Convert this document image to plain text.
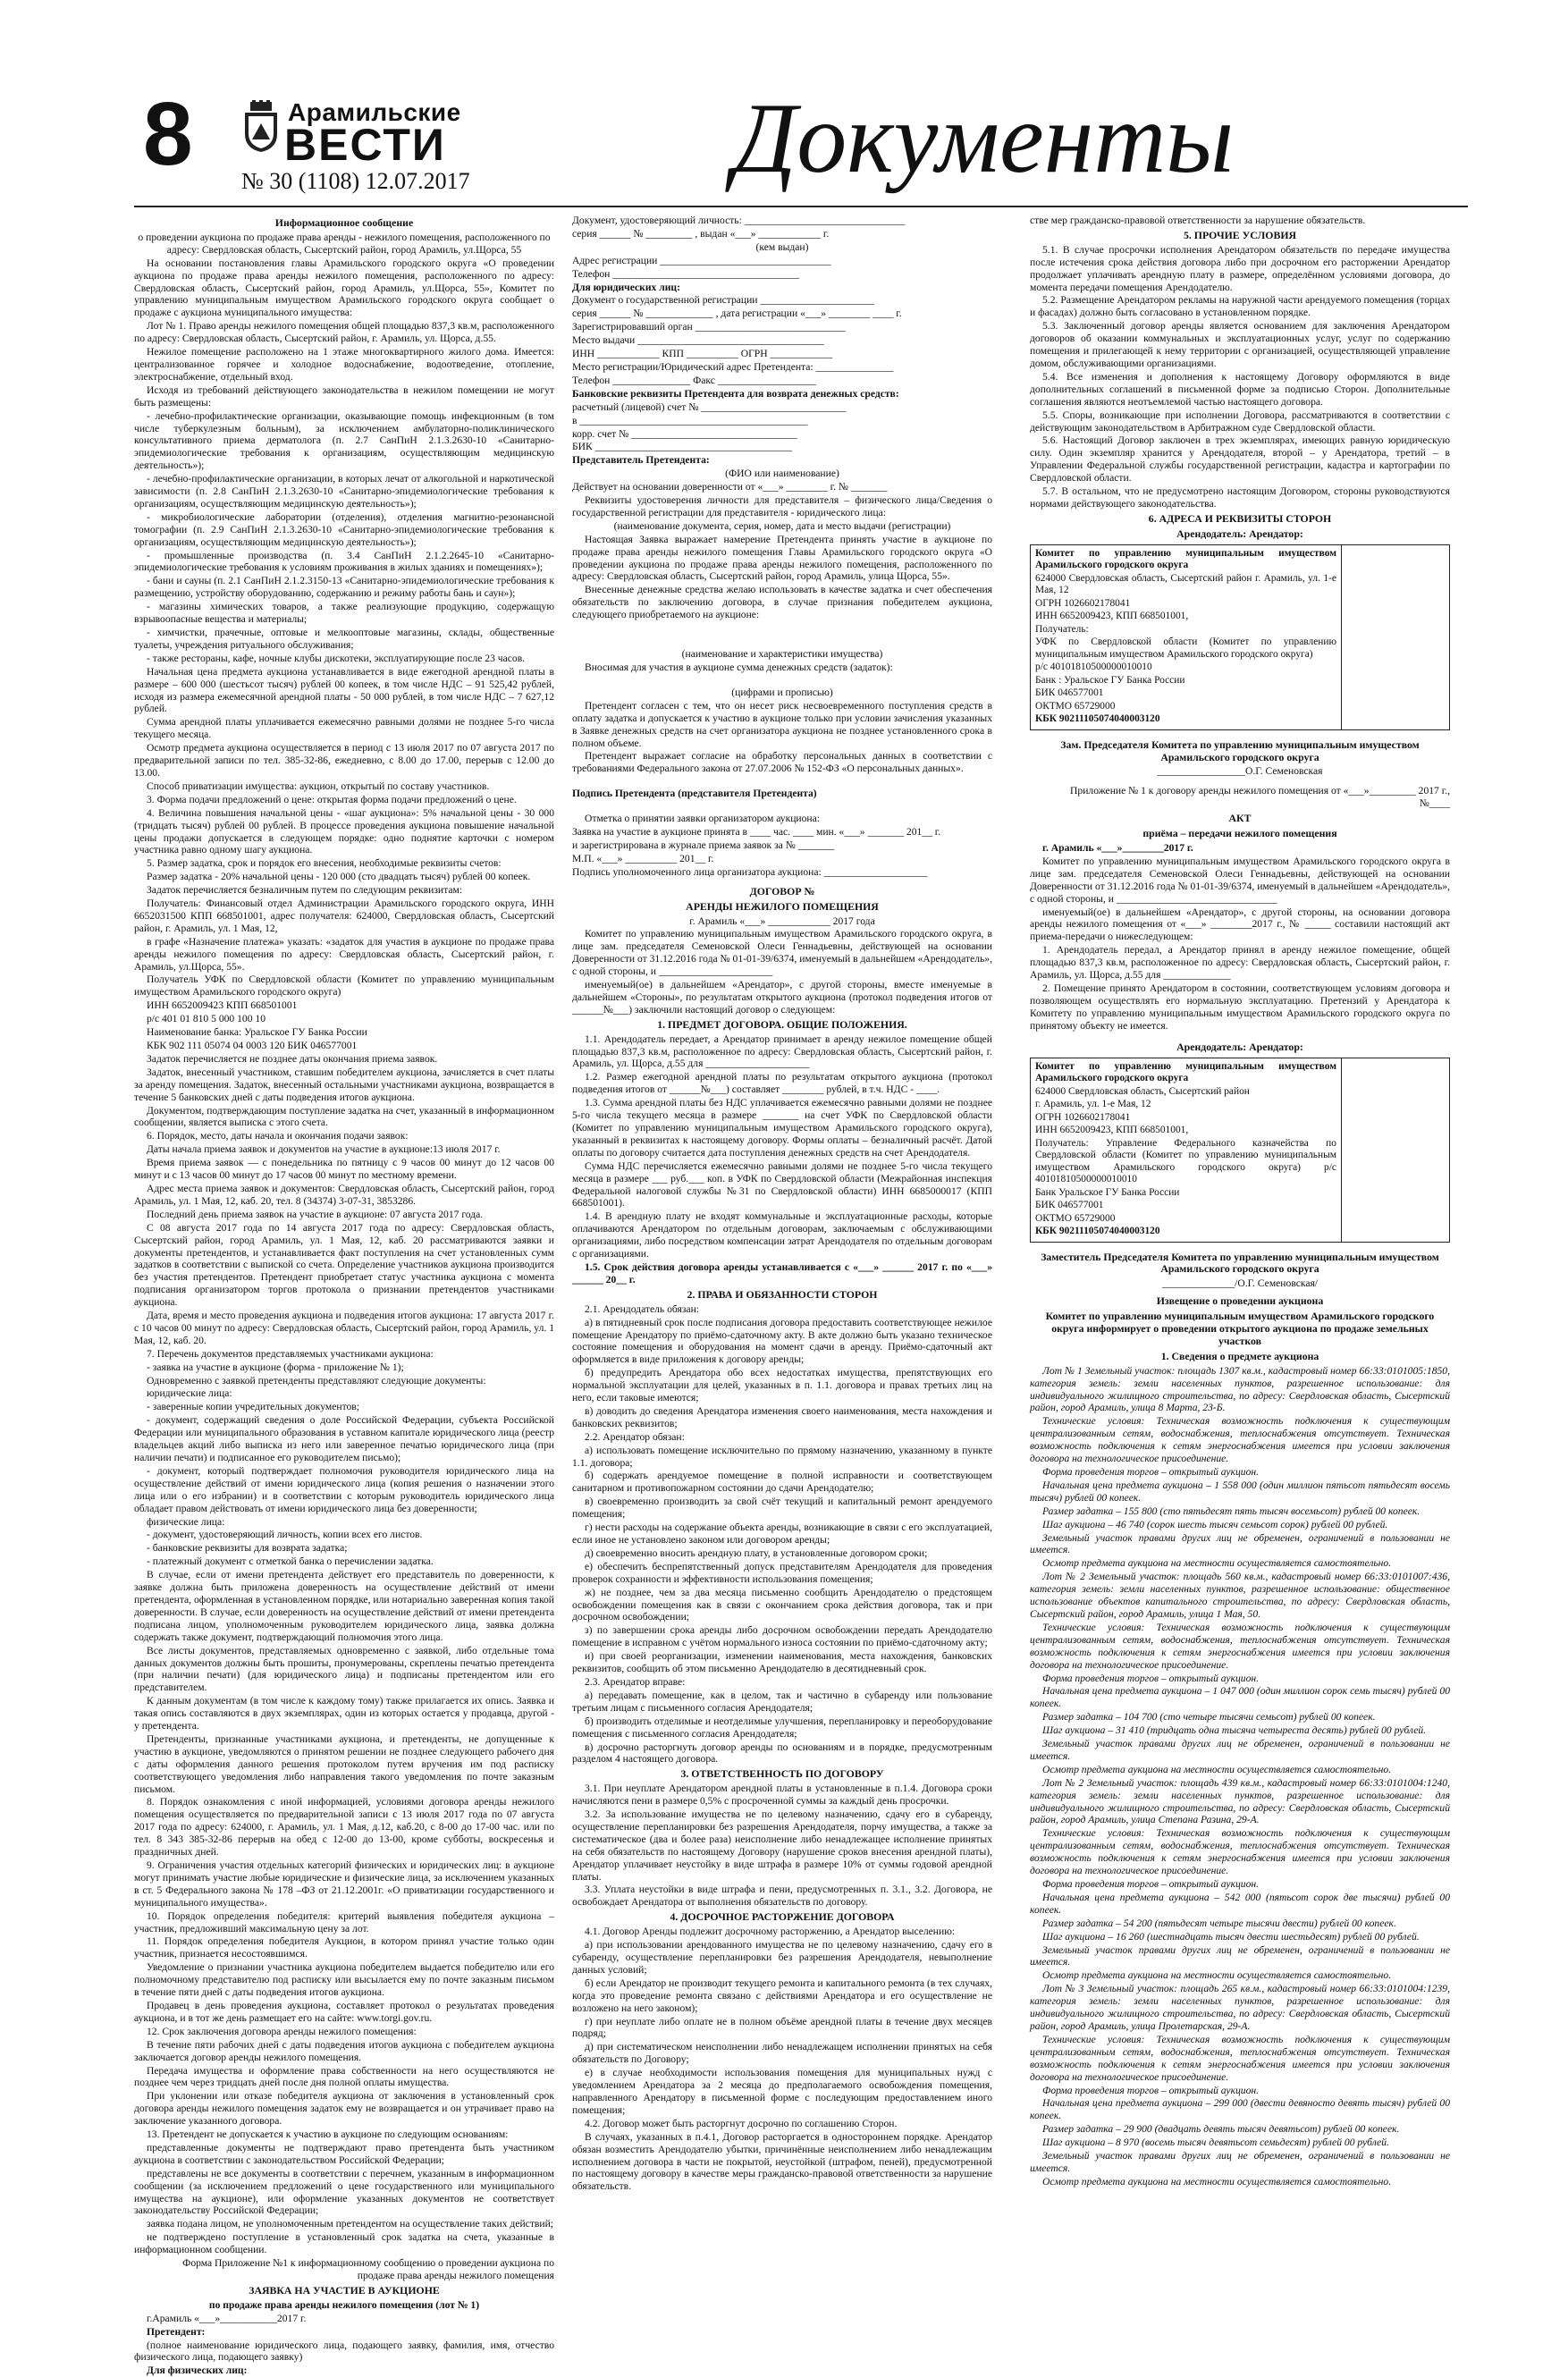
8	Арамильские
ВЕСТИ
№ 30 (1108) 12.07.2017	Документы
Информационное сообщение

о проведении аукциона по продаже права аренды - нежилого помещения, расположенного по адресу: Свердловская область, Сысертский район, город Арамиль, ул.Щорса, 55

На основании постановления главы Арамильского городского округа «О проведении аукциона по продаже права аренды нежилого помещения, расположенного по адресу: Свердловская область, Сысертский район, город Арамиль, ул.Щорса, 55», Комитет по управлению муниципальным имуществом Арамильского городского округа сообщает о продаже с аукциона муниципального имущества:

Лот № 1. Право аренды нежилого помещения общей площадью 837,3 кв.м, расположенного по адресу: Свердловская область, Сысертский район, г. Арамиль, ул. Щорса, д.55.

Нежилое помещение расположено на 1 этаже многоквартирного жилого дома. Имеется: централизованное горячее и холодное водоснабжение, водоотведение, отопление, электроснабжение, отдельный вход.

Исходя из требований действующего законодательства в нежилом помещении не могут быть размещены:

- лечебно-профилактические организации, оказывающие помощь инфекционным (в том числе туберкулезным больным), за исключением амбулаторно-поликлинического консультативного приема дерматолога (п. 2.7 СанПиН 2.1.3.2630-10 «Санитарно-эпидемиологические требования к организациям, осуществляющим медицинскую деятельность»);

- лечебно-профилактические организации, в которых лечат от алкогольной и наркотической зависимости (п. 2.8 СанПиН 2.1.3.2630-10 «Санитарно-эпидемиологические требования к организациям, осуществляющим медицинскую деятельность»);

- микробиологические лаборатории (отделения), отделения магнитно-резонансной томографии (п. 2.9 СанПиН 2.1.3.2630-10 «Санитарно-эпидемиологические требования к организациям, осуществляющим медицинскую деятельность»);

- промышленные производства (п. 3.4 СанПиН 2.1.2.2645-10 «Санитарно-эпидемиологические требования к условиям проживания в жилых зданиях и помещениях»);

- бани и сауны (п. 2.1 СанПиН 2.1.2.3150-13 «Санитарно-эпидемиологические требования к размещению, устройству оборудованию, содержанию и режиму работы бань и саун»);

- магазины химических товаров, а также реализующие продукцию, содержащую взрывоопасные вещества и материалы;

- химчистки, прачечные, оптовые и мелкооптовые магазины, склады, общественные туалеты, учреждения ритуального обслуживания;

- также рестораны, кафе, ночные клубы дискотеки, эксплуатирующие после 23 часов.

Начальная цена предмета аукциона устанавливается в виде ежегодной арендной платы в размере – 600 000 (шестьсот тысяч) рублей 00 копеек, в том числе НДС – 91 525,42 рублей, исходя из размера ежемесячной арендной платы - 50 000 рублей, в том числе НДС – 7 627,12 рублей.

Сумма арендной платы уплачивается ежемесячно равными долями не позднее 5-го числа текущего месяца.

Осмотр предмета аукциона осуществляется в период с 13 июля 2017 по 07 августа 2017 по предварительной записи по тел. 385-32-86, ежедневно, с 8.00 до 17.00, перерыв с 12.00 до 13.00.

Способ приватизации имущества: аукцион, открытый по составу участников.

3. Форма подачи предложений о цене: открытая форма подачи предложений о цене.

4. Величина повышения начальной цены - «шаг аукциона»: 5% начальной цены - 30 000 (тридцать тысяч) рублей 00 рублей. В процессе проведения аукциона повышение начальной цены продажи допускается в следующем порядке: одно поднятие карточки с номером участника равно одному шагу аукциона.

5. Размер задатка, срок и порядок его внесения, необходимые реквизиты счетов:

Размер задатка - 20% начальной цены - 120 000 (сто двадцать тысяч) рублей 00 копеек.

Задаток перечисляется безналичным путем по следующим реквизитам:

Получатель: Финансовый отдел Администрации Арамильского городского округа, ИНН 6652031500 КПП 668501001, адрес получателя: 624000, Свердловская область, Сысертский район, г. Арамиль, ул. 1 Мая, 12,

в графе «Назначение платежа» указать: «задаток для участия в аукционе по продаже права аренды нежилого помещения по адресу: Свердловская область, Сысертский район, г. Арамиль, ул.Щорса, 55».

Получатель УФК по Свердловской области (Комитет по управлению муниципальным имуществом Арамильского городского округа)

ИНН 6652009423 КПП 668501001

р/с 401 01 810 5 000 100 10

Наименование банка: Уральское ГУ Банка России

КБК 902 111 05074 04 0003 120 БИК 046577001

Задаток перечисляется не позднее даты окончания приема заявок.

Задаток, внесенный участником, ставшим победителем аукциона, зачисляется в счет платы за аренду помещения. Задаток, внесенный остальными участниками аукциона, возвращается в течение 5 банковских дней с даты подведения итогов аукциона.

Документом, подтверждающим поступление задатка на счет, указанный в информационном сообщении, является выписка с этого счета.

6. Порядок, место, даты начала и окончания подачи заявок:

Даты начала приема заявок и документов на участие в аукционе:13 июля 2017 г.

Время приема заявок — с понедельника по пятницу с 9 часов 00 минут до 12 часов 00 минут и с 13 часов 00 минут до 17 часов 00 минут по местному времени.

Адрес места приема заявок и документов: Свердловская область, Сысертский район, город Арамиль, ул. 1 Мая, 12, каб. 20, тел. 8 (34374) 3-07-31, 3853286.

Последний день приема заявок на участие в аукционе: 07 августа 2017 года.

С 08 августа 2017 года по 14 августа 2017 года по адресу: Свердловская область, Сысертский район, город Арамиль, ул. 1 Мая, 12, каб. 20 рассматриваются заявки и документы претендентов, и устанавливается факт поступления на счет установленных сумм задатков в соответствии с выпиской со счета. Определение участников аукциона производится без участия претендентов. Претендент приобретает статус участника аукциона с момента подписания организатором торгов протокола о признании претендентов участниками аукциона.

Дата, время и место проведения аукциона и подведения итогов аукциона: 17 августа 2017 г. с 10 часов 00 минут по адресу: Свердловская область, Сысертский район, город Арамиль, ул. 1 Мая, 12, каб. 20.

7. Перечень документов представляемых участниками аукциона:

- заявка на участие в аукционе (форма - приложение № 1);

Одновременно с заявкой претенденты представляют следующие документы:

юридические лица:

- заверенные копии учредительных документов;

- документ, содержащий сведения о доле Российской Федерации, субъекта Российской Федерации или муниципального образования в уставном капитале юридического лица (реестр владельцев акций либо выписка из него или заверенное печатью юридического лица (при наличии печати) и подписанное его руководителем письмо);

- документ, который подтверждает полномочия руководителя юридического лица на осуществление действий от имени юридического лица (копия решения о назначении этого лица или о его избрании) и в соответствии с которым руководитель юридического лица обладает правом действовать от имени юридического лица без доверенности;

физические лица:

- документ, удостоверяющий личность, копии всех его листов.

- банковские реквизиты для возврата задатка;

- платежный документ с отметкой банка о перечислении задатка.

В случае, если от имени претендента действует его представитель по доверенности, к заявке должна быть приложена доверенность на осуществление действий от имени претендента, оформленная в установленном порядке, или нотариально заверенная копия такой доверенности. В случае, если доверенность на осуществление действий от имени претендента подписана лицом, уполномоченным руководителем юридического лица, заявка должна содержать также документ, подтверждающий полномочия этого лица.

Все листы документов, представляемых одновременно с заявкой, либо отдельные тома данных документов должны быть прошиты, пронумерованы, скреплены печатью претендента (при наличии печати) (для юридического лица) и подписаны претендентом или его представителем.

К данным документам (в том числе к каждому тому) также прилагается их опись. Заявка и такая опись составляются в двух экземплярах, один из которых остается у продавца, другой - у претендента.

Претенденты, признанные участниками аукциона, и претенденты, не допущенные к участию в аукционе, уведомляются о принятом решении не позднее следующего рабочего дня с даты оформления данного решения протоколом путем вручения им под расписку соответствующего уведомления либо направления такого уведомления по почте заказным письмом.

8. Порядок ознакомления с иной информацией, условиями договора аренды нежилого помещения осуществляется по предварительной записи с 13 июля 2017 года по 07 августа 2017 года по адресу: 624000, г. Арамиль, ул. 1 Мая, д.12, каб.20, с 8-00 до 17-00 час. или по тел. 8 343 385-32-86 перерыв на обед с 12-00 до 13-00, кроме субботы, воскресенья и праздничных дней.

9. Ограничения участия отдельных категорий физических и юридических лиц: в аукционе могут принимать участие любые юридические и физические лица, за исключением указанных в ст. 5 Федерального закона № 178 –ФЗ от 21.12.2001г. «О приватизации государственного и муниципального имущества».

10. Порядок определения победителя: критерий выявления победителя аукциона – участник, предложивший максимальную цену за лот.

11. Порядок определения победителя Аукцион, в котором принял участие только один участник, признается несостоявшимся.

Уведомление о признании участника аукциона победителем выдается победителю или его полномочному представителю под расписку или высылается ему по почте заказным письмом в течение пяти дней с даты подведения итогов аукциона.

Продавец в день проведения аукциона, составляет протокол о результатах проведения аукциона, и в тот же день размещает его на сайте: www.torgi.gov.ru.

12. Срок заключения договора аренды нежилого помещения:

В течение пяти рабочих дней с даты подведения итогов аукциона с победителем аукциона заключается договор аренды нежилого помещения.

Передача имущества и оформление права собственности на него осуществляются не позднее чем через тридцать дней после дня полной оплаты имущества.

При уклонении или отказе победителя аукциона от заключения в установленный срок договора аренды нежилого помещения задаток ему не возвращается и он утрачивает право на заключение указанного договора.

13. Претендент не допускается к участию в аукционе по следующим основаниям:

представленные документы не подтверждают право претендента быть участником аукциона в соответствии с законодательством Российской Федерации;

представлены не все документы в соответствии с перечнем, указанным в информационном сообщении (за исключением предложений о цене государственного или муниципального имущества на аукционе), или оформление указанных документов не соответствует законодательству Российской Федерации;

заявка подана лицом, не уполномоченным претендентом на осуществление таких действий;

не подтверждено поступление в установленный срок задатка на счета, указанные в информационном сообщении.

Форма Приложение №1 к информационному сообщению о проведении аукциона по продаже права аренды нежилого помещения

ЗАЯВКА НА УЧАСТИЕ В АУКЦИОНЕ

по продаже права аренды нежилого помещения (лот № 1)

г.Арамиль «___»___________2017 г.

Претендент:

(полное наименование юридического лица, подающего заявку, фамилия, имя, отчество физического лица, подающего заявку)

Для физических лиц:

Документ, удостоверяющий личность: _______________________________

серия ______ № _________ , выдан «___» ____________ г.

(кем выдан)

Адрес регистрации _________________________________

Телефон ____________________________________

Для юридических лиц:

Документ о государственной регистрации ______________________

серия ______ № _____________ , дата регистрации «___» ________ ____ г.

Зарегистрировавший орган _____________________________

Место выдачи ____________________________________

ИНН ____________ КПП __________ ОГРН ____________

Место регистрации/Юридический адрес Претендента: _______________

Телефон _______________ Факс ___________________

Банковские реквизиты Претендента для возврата денежных средств:

расчетный (лицевой) счет № ____________________________

в ____________________________________________

корр. счет № ________________________________

БИК ______________________________________

Представитель Претендента:

(ФИО или наименование)

Действует на основании доверенности от «___» ________ г. № _______

Реквизиты удостоверения личности для представителя – физического лица/Сведения о государственной регистрации для представителя - юридического лица:

(наименование документа, серия, номер, дата и место выдачи (регистрации)

Настоящая Заявка выражает намерение Претендента принять участие в аукционе по продаже права аренды нежилого помещения Главы Арамильского городского округа «О проведении аукциона по продаже права аренды нежилого помещения, расположенного по адресу: Свердловская область, Сысертский район, город Арамиль, улица Щорса, 55».

Внесенные денежные средства желаю использовать в качестве задатка и счет обеспечения обязательств по заключению договора, в случае признания победителем аукциона, следующего приобретаемого на аукционе:

(наименование и характеристики имущества)

Вносимая для участия в аукционе сумма денежных средств (задаток):

(цифрами и прописью)

Претендент согласен с тем, что он несет риск несвоевременного поступления средств в оплату задатка и допускается к участию в аукционе только при условии зачисления указанных в Заявке денежных средств на счет организатора аукциона не позднее установленного срока в полном объеме.

Претендент выражает согласие на обработку персональных данных в соответствии с требованиями Федерального закона от 27.07.2006 № 152-ФЗ «О персональных данных».

Подпись Претендента (представителя Претендента)

Отметка о принятии заявки организатором аукциона:

Заявка на участие в аукционе принята в ____ час. ____ мин. «___» _______ 201__ г.

и зарегистрирована в журнале приема заявок за № _______

М.П. «___» __________ 201__ г.

Подпись уполномоченного лица организатора аукциона: ____________________

ДОГОВОР №
АРЕНДЫ НЕЖИЛОГО ПОМЕЩЕНИЯ

г. Арамиль «___» ____________ 2017 года

Комитет по управлению муниципальным имуществом Арамильского городского округа, в лице зам. председателя Семеновской Олеси Геннадьевны, действующей на основании Доверенности от 31.12.2016 года № 01-01-39/6374, именуемый в дальнейшем «Арендодатель», с одной стороны, и ______________________

именуемый(ое) в дальнейшем «Арендатор», с другой стороны, вместе именуемые в дальнейшем «Стороны», по результатам открытого аукциона (протокол подведения итогов от ______№___) заключили настоящий договор о следующем:

1. ПРЕДМЕТ ДОГОВОРА. ОБЩИЕ ПОЛОЖЕНИЯ.

1.1. Арендодатель передает, а Арендатор принимает в аренду нежилое помещение общей площадью 837,3 кв.м, расположенное по адресу: Свердловская область, Сысертский район, г. Арамиль, ул. Щорса, д.55 для ____________________

1.2. Размер ежегодной арендной платы по результатам открытого аукциона (протокол подведения итогов от ______№___) составляет ________ рублей, в т.ч. НДС - ____.

1.3. Сумма арендной платы без НДС уплачивается ежемесячно равными долями не позднее 5-го числа текущего месяца в размере _______ на счет УФК по Свердловской области (Комитет по управлению муниципальным имуществом Арамильского городского округа), указанный в реквизитах к настоящему договору. Формы оплаты – безналичный расчёт. Датой оплаты по договору считается дата поступления денежных средств на счет Арендодателя.

Сумма НДС перечисляется ежемесячно равными долями не позднее 5-го числа текущего месяца в размере ___ руб.___ коп. в УФК по Свердловской области (Межрайонная инспекция Федеральной налоговой службы №31 по Свердловской области) ИНН 6685000017 (КПП 668501001).

1.4. В арендную плату не входят коммунальные и эксплуатационные расходы, которые оплачиваются Арендатором по отдельным договорам, заключаемым с обслуживающими организациями, либо посредством компенсации затрат Арендодателя по отдельным договорам с организациями.

1.5. Срок действия договора аренды устанавливается с «___» ______ 2017 г. по «___» ______ 20__ г.

2. ПРАВА И ОБЯЗАННОСТИ СТОРОН

2.1. Арендодатель обязан:

а) в пятидневный срок после подписания договора предоставить соответствующее нежилое помещение Арендатору по приёмо-сдаточному акту. В акте должно быть указано техническое состояние помещения и оборудования на момент сдачи в аренду. Приёмо-сдаточный акт оформляется в виде приложения к договору аренды;

б) предупредить Арендатора обо всех недостатках имущества, препятствующих его нормальной эксплуатации для целей, указанных в п. 1.1. договора и правах третьих лиц на него, если таковые имеются;

в) доводить до сведения Арендатора изменения своего наименования, места нахождения и банковских реквизитов;

2.2. Арендатор обязан:

а) использовать помещение исключительно по прямому назначению, указанному в пункте 1.1. договора;

б) содержать арендуемое помещение в полной исправности и соответствующем санитарном и противопожарном состоянии до сдачи Арендодателю;

в) своевременно производить за свой счёт текущий и капитальный ремонт арендуемого помещения;

г) нести расходы на содержание объекта аренды, возникающие в связи с его эксплуатацией, если иное не установлено законом или договором аренды;

д) своевременно вносить арендную плату, в установленные договором сроки;

е) обеспечить беспрепятственный допуск представителям Арендодателя для проведения проверок сохранности и эффективности использования помещения;

ж) не позднее, чем за два месяца письменно сообщить Арендодателю о предстоящем освобождении помещения как в связи с окончанием срока действия договора, так и при досрочном освобождении;

з) по завершении срока аренды либо досрочном освобождении передать Арендодателю помещение в исправном с учётом нормального износа состоянии по приёмо-сдаточному акту;

и) при своей реорганизации, изменении наименования, места нахождения, банковских реквизитов, сообщить об этом письменно Арендодателю в десятидневный срок.

2.3. Арендатор вправе:

а) передавать помещение, как в целом, так и частично в субаренду или пользование третьим лицам с письменного согласия Арендодателя;

б) производить отделимые и неотделимые улучшения, перепланировку и переоборудование помещения с письменного согласия Арендодателя;

в) досрочно расторгнуть договор аренды по основаниям и в порядке, предусмотренным разделом 4 настоящего договора.

3. ОТВЕТСТВЕННОСТЬ ПО ДОГОВОРУ

3.1. При неуплате Арендатором арендной платы в установленные в п.1.4. Договора сроки начисляются пени в размере 0,5% с просроченной суммы за каждый день просрочки.

3.2. За использование имущества не по целевому назначению, сдачу его в субаренду, осуществление перепланировки без разрешения Арендодателя, порчу имущества, а также за систематическое (два и более раза) неисполнение либо ненадлежащее исполнение принятых на себя обязательств по настоящему Договору (нарушение сроков внесения арендной платы), Арендатор уплачивает неустойку в виде штрафа в размере 10% от суммы годовой арендной платы.

3.3. Уплата неустойки в виде штрафа и пени, предусмотренных п. 3.1., 3.2. Договора, не освобождает Арендатора от выполнения обязательств по договору.

4. ДОСРОЧНОЕ РАСТОРЖЕНИЕ ДОГОВОРА

4.1. Договор Аренды подлежит досрочному расторжению, а Арендатор выселению:

а) при использовании арендованного имущества не по целевому назначению, сдачу его в субаренду, осуществление перепланировки без разрешения Арендодателя, невыполнение данных условий;

б) если Арендатор не производит текущего ремонта и капитального ремонта (в тех случаях, когда это проведение ремонта связано с действиями Арендатора и его осуществление не возложено на него законом);

г) при неуплате либо оплате не в полном объёме арендной платы в течение двух месяцев подряд;

д) при систематическом неисполнении либо ненадлежащем исполнении принятых на себя обязательств по Договору;

е) в случае необходимости использования помещения для муниципальных нужд с уведомлением Арендатора за 2 месяца до предполагаемого освобождения помещения, направленного Арендатору в письменной форме с последующим предоставлением иного помещения;

4.2. Договор может быть расторгнут досрочно по соглашению Сторон.

В случаях, указанных в п.4.1, Договор расторгается в одностороннем порядке. Арендатор обязан возместить Арендодателю убытки, причинённые неисполнением либо ненадлежащим исполнением договора в части не покрытой, неустойкой (штрафом, пеней), предусмотренной по настоящему договору в качестве меры гражданско-правовой ответственности за нарушение обязательств.

стве мер гражданско-правовой ответственности за нарушение обязательств.

5. ПРОЧИЕ УСЛОВИЯ

5.1. В случае просрочки исполнения Арендатором обязательств по передаче имущества после истечения срока действия договора либо при досрочном его расторжении Арендатор продолжает уплачивать арендную плату в размере, определённом условиями договора, до момента передачи помещения Арендодателю.

5.2. Размещение Арендатором рекламы на наружной части арендуемого помещения (торцах и фасадах) должно быть согласовано в установленном порядке.

5.3. Заключенный договор аренды является основанием для заключения Арендатором договоров об оказании коммунальных и эксплуатационных услуг, услуг по содержанию помещения и прилегающей к нему территории с организацией, осуществляющей управление домом, обслуживающими организациями.

5.4. Все изменения и дополнения к настоящему Договору оформляются в виде дополнительных соглашений в письменной форме за подписью Сторон. Дополнительные соглашения являются неотъемлемой частью настоящего договора.

5.5. Споры, возникающие при исполнении Договора, рассматриваются в соответствии с действующим законодательством в Арбитражном суде Свердловской области.

5.6. Настоящий Договор заключен в трех экземплярах, имеющих равную юридическую силу. Один экземпляр хранится у Арендодателя, второй – у Арендатора, третий – в Управлении Федеральной службы государственной регистрации, кадастра и картографии по Свердловской области.

5.7. В остальном, что не предусмотрено настоящим Договором, стороны руководствуются нормами действующего законодательства.

6. АДРЕСА И РЕКВИЗИТЫ СТОРОН
Арендодатель: Арендатор:

Комитет по управлению муниципальным имуществом Арамильского городского округа

624000 Свердловская область, Сысертский район г. Арамиль, ул. 1-е Мая, 12

ОГРН 1026602178041

ИНН 6652009423, КПП 668501001,

Получатель:

УФК по Свердловской области (Комитет по управлению муниципальным имуществом Арамильского городского округа)

р/с 40101810500000010010

Банк : Уральское ГУ Банка России

БИК 046577001

ОКТМО 65729000

КБК 90211105074040003120

Зам. Председателя Комитета по управлению муниципальным имуществом Арамильского городского округа

_________________О.Г. Семеновская

Приложение № 1 к договору аренды нежилого помещения от «___»_________ 2017 г., №____

АКТ
приёма – передачи нежилого помещения

г. Арамиль «___»________2017 г.

Комитет по управлению муниципальным имуществом Арамильского городского округа в лице зам. председателя Семеновской Олеси Геннадьевны, действующей на основании Доверенности от 31.12.2016 года № 01-01-39/6374, именуемый в дальнейшем «Арендодатель», с одной стороны, и _______________________________

именуемый(ое) в дальнейшем «Арендатор», с другой стороны, на основании договора аренды нежилого помещения от «___» ________2017 г., № _____ составили настоящий акт приема-передачи о нижеследующем:

1. Арендодатель передал, а Арендатор принял в аренду нежилое помещение, общей площадью 837,3 кв.м, расположенное по адресу: Свердловская область, Сысертский район, г. Арамиль, ул. Щорса, д.55 для _____________

2. Помещение принято Арендатором в состоянии, соответствующем условиям договора и позволяющем осуществлять его нормальную эксплуатацию. Претензий у Арендатора к Комитету по управлению муниципальным имуществом Арамильского городского округа по принятому объекту не имеется.

Арендодатель: Арендатор:

Комитет по управлению муниципальным имуществом Арамильского городского округа

624000 Свердловская область, Сысертский район

г. Арамиль, ул. 1-е Мая, 12

ОГРН 1026602178041

ИНН 6652009423, КПП 668501001,

Получатель: Управление Федерального казначейства по Свердловской области (Комитет по управлению муниципальным имуществом Арамильского городского округа) р/с 40101810500000010010

Банк Уральское ГУ Банка России

БИК 046577001

ОКТМО 65729000

КБК 90211105074040003120

Заместитель Председателя Комитета по управлению муниципальным имуществом Арамильского городского округа

______________/О.Г. Семеновская/

Извещение о проведении аукциона
Комитет по управлению муниципальным имуществом Арамильского городского округа информирует о проведении открытого аукциона по продаже земельных участков
1. Сведения о предмете аукциона

Лот № 1 Земельный участок: площадь 1307 кв.м., кадастровый номер 66:33:0101005:1850, категория земель: земли населенных пунктов, разрешенное использование: для индивидуального жилищного строительства, по адресу: Свердловская область, Сысертский район, город Арамиль, улица 8 Марта, 23-Б.

Технические условия: Техническая возможность подключения к существующим централизованным сетям, водоснабжения, теплоснабжения отсутствует. Техническая возможность подключения к сетям энергоснабжения имеется при условии заключения договора на технологическое присоединение.

Форма проведения торгов – открытый аукцион.

Начальная цена предмета аукциона – 1 558 000 (один миллион пятьсот пятьдесят восемь тысяч) рублей 00 копеек.

Размер задатка – 155 800 (сто пятьдесят пять тысяч восемьсот) рублей 00 копеек.

Шаг аукциона – 46 740 (сорок шесть тысяч семьсот сорок) рублей 00 рублей.

Земельный участок правами других лиц не обременен, ограничений в пользовании не имеется.

Осмотр предмета аукциона на местности осуществляется самостоятельно.

Лот № 2 Земельный участок: площадь 560 кв.м., кадастровый номер 66:33:0101007:436, категория земель: земли населенных пунктов, разрешенное использование: общественное использование объектов капитального строительства, по адресу: Свердловская область, Сысертский район, город Арамиль, улица 1 Мая, 50.

Технические условия: Техническая возможность подключения к существующим централизованным сетям, водоснабжения, теплоснабжения отсутствует. Техническая возможность подключения к сетям энергоснабжения имеется при условии заключения договора на технологическое присоединение.

Форма проведения торгов – открытый аукцион.

Начальная цена предмета аукциона – 1 047 000 (один миллион сорок семь тысяч) рублей 00 копеек.

Размер задатка – 104 700 (сто четыре тысячи семьсот) рублей 00 копеек.

Шаг аукциона – 31 410 (тридцать одна тысяча четыреста десять) рублей 00 рублей.

Земельный участок правами других лиц не обременен, ограничений в пользовании не имеется.

Осмотр предмета аукциона на местности осуществляется самостоятельно.

Лот № 2 Земельный участок: площадь 439 кв.м., кадастровый номер 66:33:0101004:1240, категория земель: земли населенных пунктов, разрешенное использование: для индивидуального жилищного строительства, по адресу: Свердловская область, Сысертский район, город Арамиль, улица Степана Разина, 29-А.

Технические условия: Техническая возможность подключения к существующим централизованным сетям, водоснабжения, теплоснабжения отсутствует. Техническая возможность подключения к сетям энергоснабжения имеется при условии заключения договора на технологическое присоединение.

Форма проведения торгов – открытый аукцион.

Начальная цена предмета аукциона – 542 000 (пятьсот сорок две тысячи) рублей 00 копеек.

Размер задатка – 54 200 (пятьдесят четыре тысячи двести) рублей 00 копеек.

Шаг аукциона – 16 260 (шестнадцать тысяч двести шестьдесят) рублей 00 рублей.

Земельный участок правами других лиц не обременен, ограничений в пользовании не имеется.

Осмотр предмета аукциона на местности осуществляется самостоятельно.

Лот № 3 Земельный участок: площадь 265 кв.м., кадастровый номер 66:33:0101004:1239, категория земель: земли населенных пунктов, разрешенное использование: для индивидуального жилищного строительства, по адресу: Свердловская область, Сысертский район, город Арамиль, улица Пролетарская, 29-А.

Технические условия: Техническая возможность подключения к существующим централизованным сетям, водоснабжения, теплоснабжения отсутствует. Техническая возможность подключения к сетям энергоснабжения имеется при условии заключения договора на технологическое присоединение.

Форма проведения торгов – открытый аукцион.

Начальная цена предмета аукциона – 299 000 (двести девяносто девять тысяч) рублей 00 копеек.

Размер задатка – 29 900 (двадцать девять тысяч девятьсот) рублей 00 копеек.

Шаг аукциона – 8 970 (восемь тысяч девятьсот семьдесят) рублей 00 рублей.

Земельный участок правами других лиц не обременен, ограничений в пользовании не имеется.

Осмотр предмета аукциона на местности осуществляется самостоятельно.
